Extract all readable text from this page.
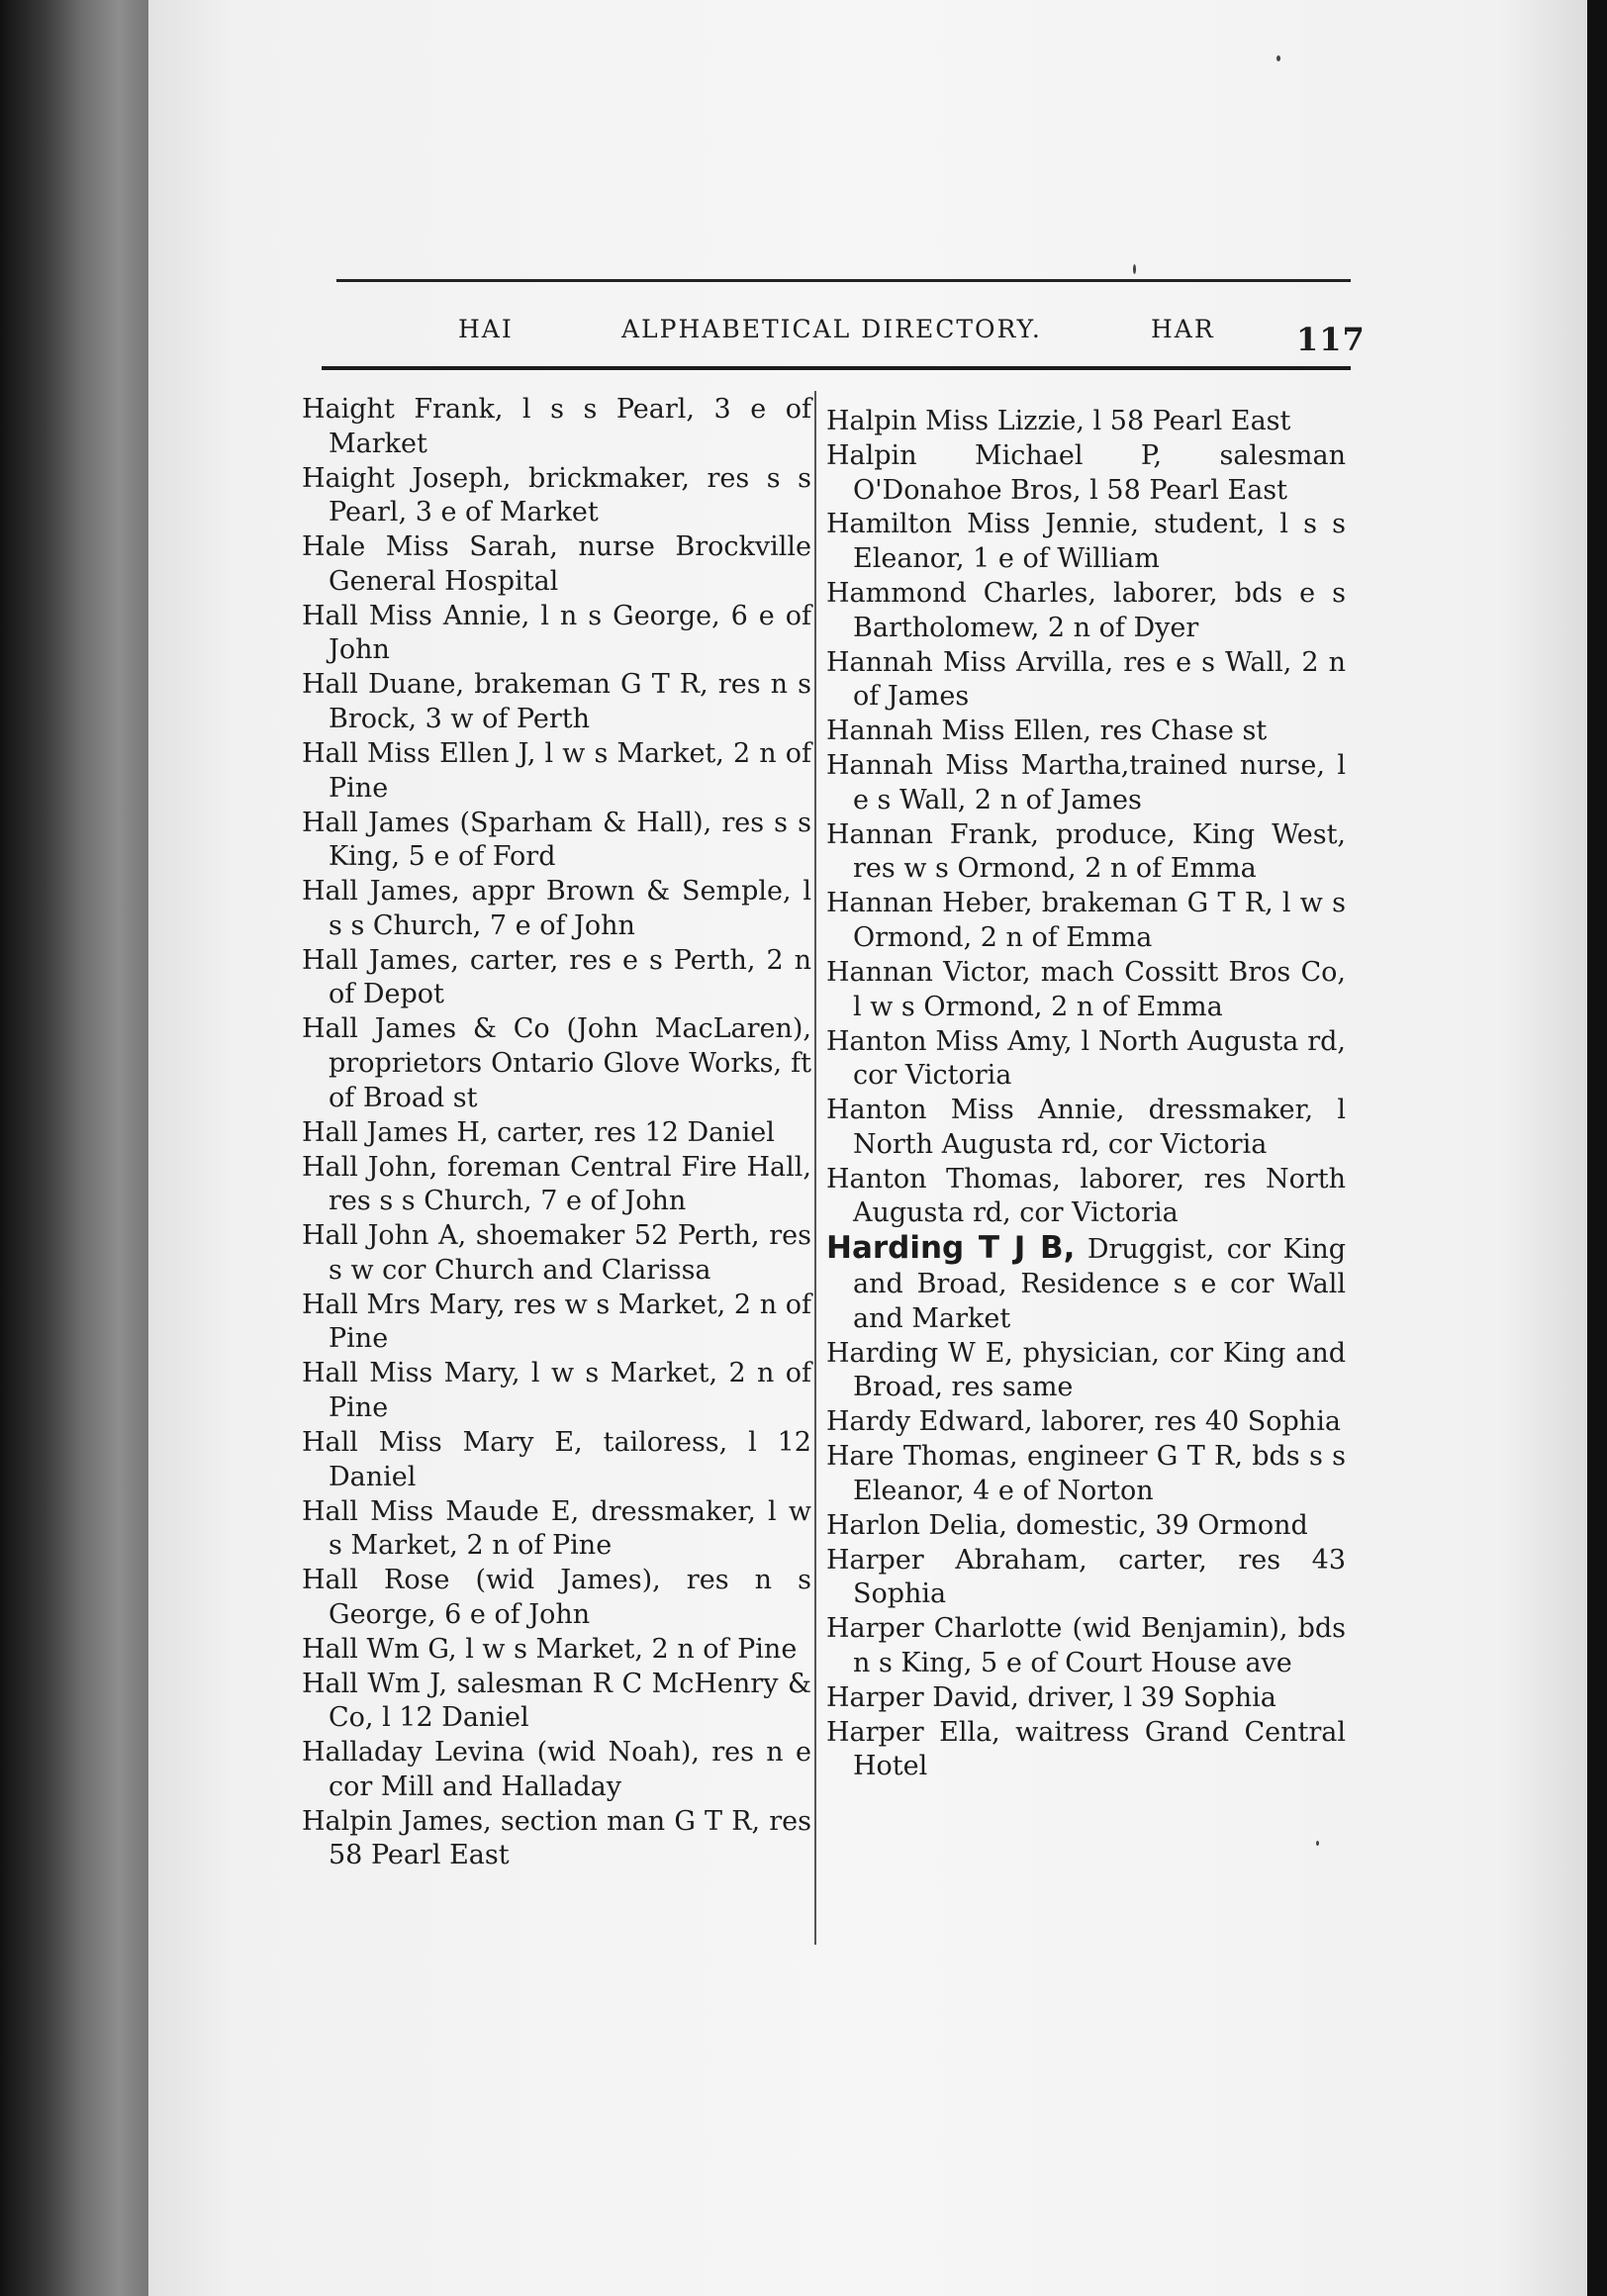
HAI	ALPHABETICAL DIRECTORY.	HAR	117

Haight Frank, l s s Pearl, 3 e of Market

Haight Joseph, brickmaker, res s s Pearl, 3 e of Market

Hale Miss Sarah, nurse Brockville General Hospital

Hall Miss Annie, l n s George, 6 e of John

Hall Duane, brakeman G T R, res n s Brock, 3 w of Perth

Hall Miss Ellen J, l w s Market, 2 n of Pine

Hall James (Sparham & Hall), res s s King, 5 e of Ford

Hall James, appr Brown & Semple, l s s Church, 7 e of John

Hall James, carter, res e s Perth, 2 n of Depot

Hall James & Co (John MacLaren), proprietors Ontario Glove Works, ft of Broad st

Hall James H, carter, res 12 Daniel

Hall John, foreman Central Fire Hall, res s s Church, 7 e of John

Hall John A, shoemaker 52 Perth, res s w cor Church and Clarissa

Hall Mrs Mary, res w s Market, 2 n of Pine

Hall Miss Mary, l w s Market, 2 n of Pine

Hall Miss Mary E, tailoress, l 12 Daniel

Hall Miss Maude E, dressmaker, l w s Market, 2 n of Pine

Hall Rose (wid James), res n s George, 6 e of John

Hall Wm G, l w s Market, 2 n of Pine

Hall Wm J, salesman R C McHenry & Co, l 12 Daniel

Halladay Levina (wid Noah), res n e cor Mill and Halladay

Halpin James, section man G T R, res 58 Pearl East

Halpin Miss Lizzie, l 58 Pearl East

Halpin Michael P, salesman O'Donahoe Bros, l 58 Pearl East

Hamilton Miss Jennie, student, l s s Eleanor, 1 e of William

Hammond Charles, laborer, bds e s Bartholomew, 2 n of Dyer

Hannah Miss Arvilla, res e s Wall, 2 n of James

Hannah Miss Ellen, res Chase st

Hannah Miss Martha,trained nurse, l e s Wall, 2 n of James

Hannan Frank, produce, King West, res w s Ormond, 2 n of Emma

Hannan Heber, brakeman G T R, l w s Ormond, 2 n of Emma

Hannan Victor, mach Cossitt Bros Co, l w s Ormond, 2 n of Emma

Hanton Miss Amy, l North Augusta rd, cor Victoria

Hanton Miss Annie, dressmaker, l North Augusta rd, cor Victoria

Hanton Thomas, laborer, res North Augusta rd, cor Victoria

Harding T J B, Druggist, cor King and Broad, Residence s e cor Wall and Market

Harding W E, physician, cor King and Broad, res same

Hardy Edward, laborer, res 40 Sophia

Hare Thomas, engineer G T R, bds s s Eleanor, 4 e of Norton

Harlon Delia, domestic, 39 Ormond

Harper Abraham, carter, res 43 Sophia

Harper Charlotte (wid Benjamin), bds n s King, 5 e of Court House ave

Harper David, driver, l 39 Sophia

Harper Ella, waitress Grand Central Hotel
